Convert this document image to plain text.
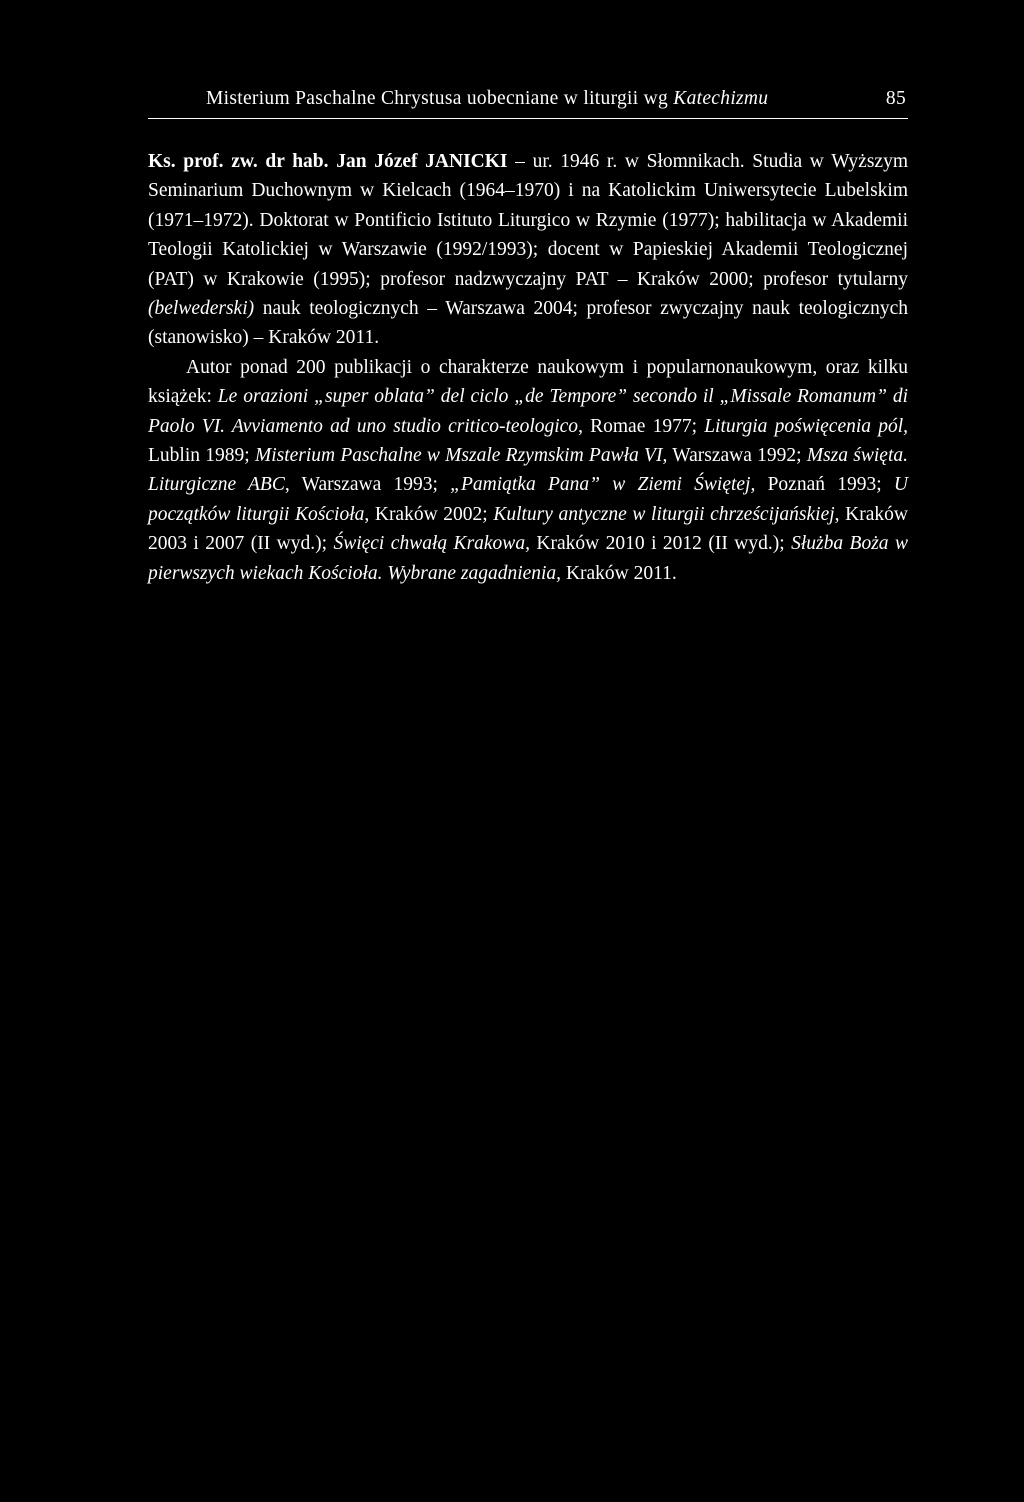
Misterium Paschalne Chrystusa uobecniane w liturgii wg Katechizmu	85

Ks. prof. zw. dr hab. Jan Józef JANICKI – ur. 1946 r. w Słomnikach. Studia w Wyższym Seminarium Duchownym w Kielcach (1964–1970) i na Katolickim Uniwersytecie Lubelskim (1971–1972). Doktorat w Pontificio Istituto Liturgico w Rzymie (1977); habilitacja w Akademii Teologii Katolickiej w Warszawie (1992/1993); docent w Papieskiej Akademii Teologicznej (PAT) w Krakowie (1995); profesor nadzwyczajny PAT – Kraków 2000; profesor tytularny (belwederski) nauk teologicznych – Warszawa 2004; profesor zwyczajny nauk teologicznych (stanowisko) – Kraków 2011.

Autor ponad 200 publikacji o charakterze naukowym i popularnonaukowym, oraz kilku książek: Le orazioni „super oblata” del ciclo „de Tempore” secondo il „Missale Romanum” di Paolo VI. Avviamento ad uno studio critico-teologico, Romae 1977; Liturgia poświęcenia pól, Lublin 1989; Misterium Paschalne w Mszale Rzymskim Pawła VI, Warszawa 1992; Msza święta. Liturgiczne ABC, Warszawa 1993; „Pamiątka Pana” w Ziemi Świętej, Poznań 1993; U początków liturgii Kościoła, Kraków 2002; Kultury antyczne w liturgii chrześcijańskiej, Kraków 2003 i 2007 (II wyd.); Święci chwałą Krakowa, Kraków 2010 i 2012 (II wyd.); Służba Boża w pierwszych wiekach Kościoła. Wybrane zagadnienia, Kraków 2011.
